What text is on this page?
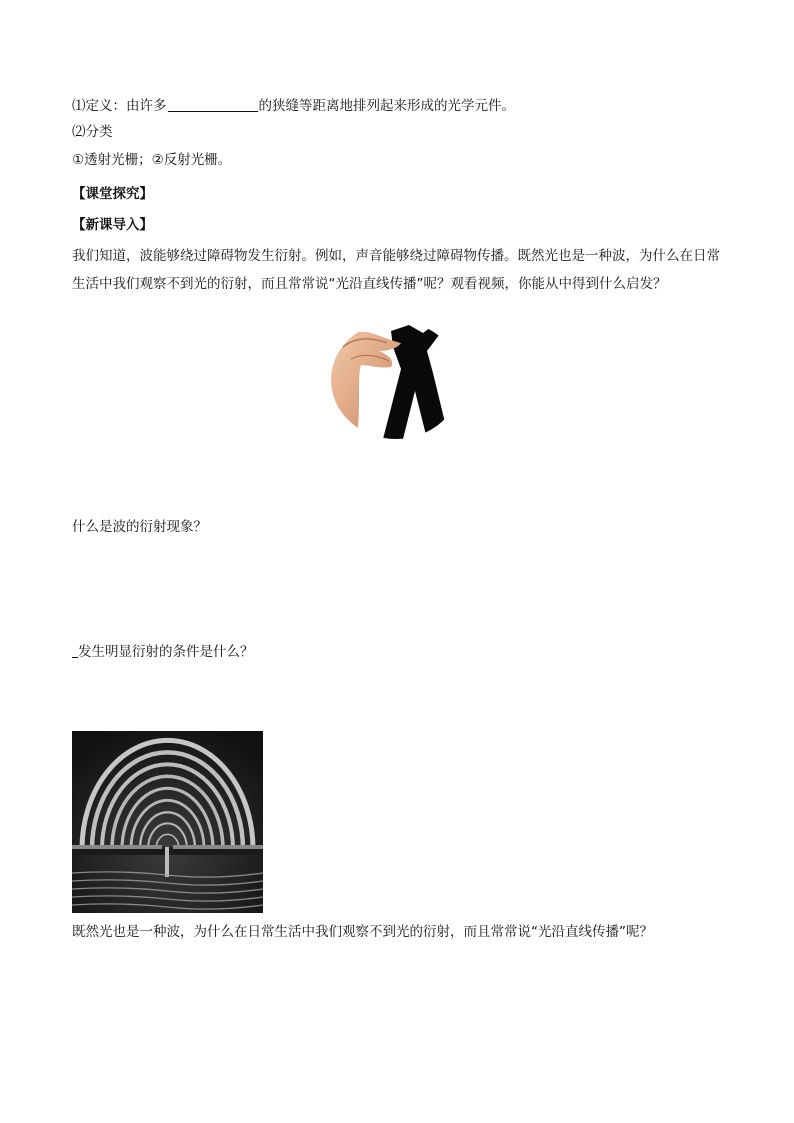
⑴定义：由许多	的狭缝等距离地排列起来形成的光学元件。
⑵分类
①透射光栅；②反射光栅。
【课堂探究】
【新课导入】
我们知道，波能够绕过障碍物发生衍射。例如，声音能够绕过障碍物传播。既然光也是一种波，为什么在日常生活中我们观察不到光的衍射，而且常常说“光沿直线传播”呢？观看视频，你能从中得到什么启发？
什么是波的衍射现象？
发生明显衍射的条件是什么？
既然光也是一种波，为什么在日常生活中我们观察不到光的衍射，而且常常说“光沿直线传播”呢？
